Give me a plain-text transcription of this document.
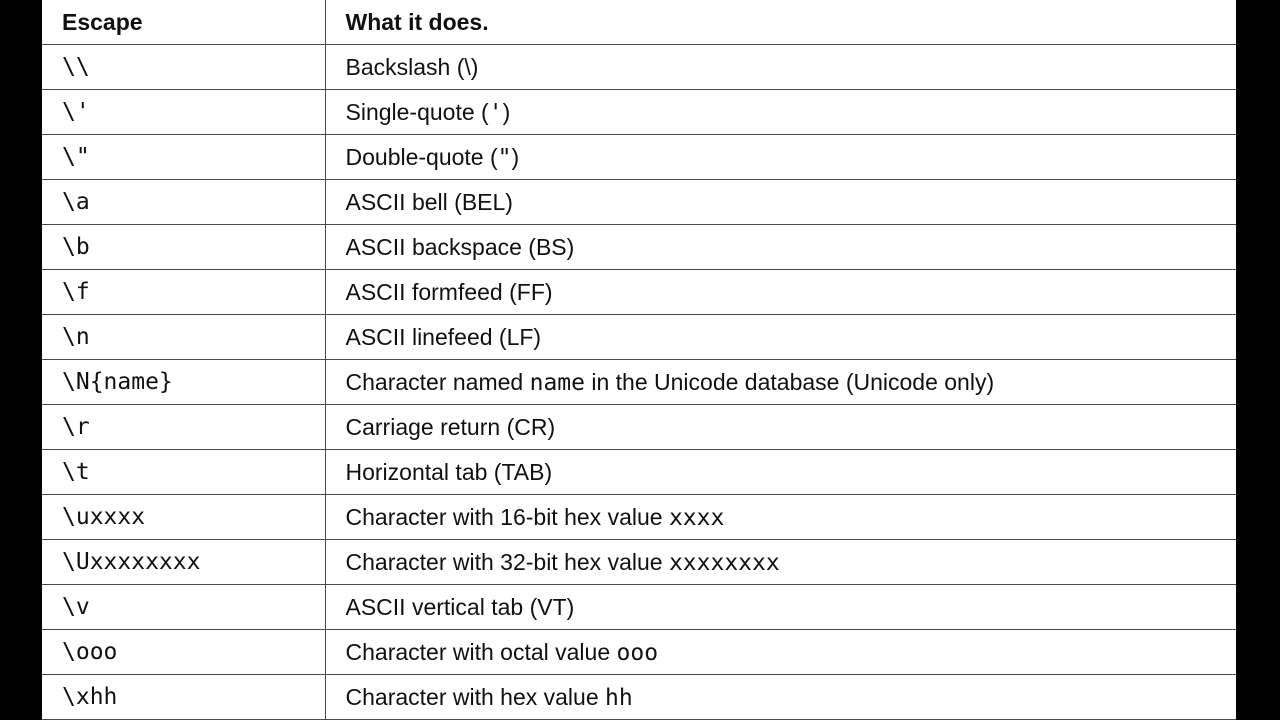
Escape	What it does.
\\	Backslash (\)
\'	Single-quote (')
\"	Double-quote (")
\a	ASCII bell (BEL)
\b	ASCII backspace (BS)
\f	ASCII formfeed (FF)
\n	ASCII linefeed (LF)
\N{name}	Character named name in the Unicode database (Unicode only)
\r	Carriage return (CR)
\t	Horizontal tab (TAB)
\uxxxx	Character with 16-bit hex value xxxx
\Uxxxxxxxx	Character with 32-bit hex value xxxxxxxx
\v	ASCII vertical tab (VT)
\ooo	Character with octal value ooo
\xhh	Character with hex value hh
